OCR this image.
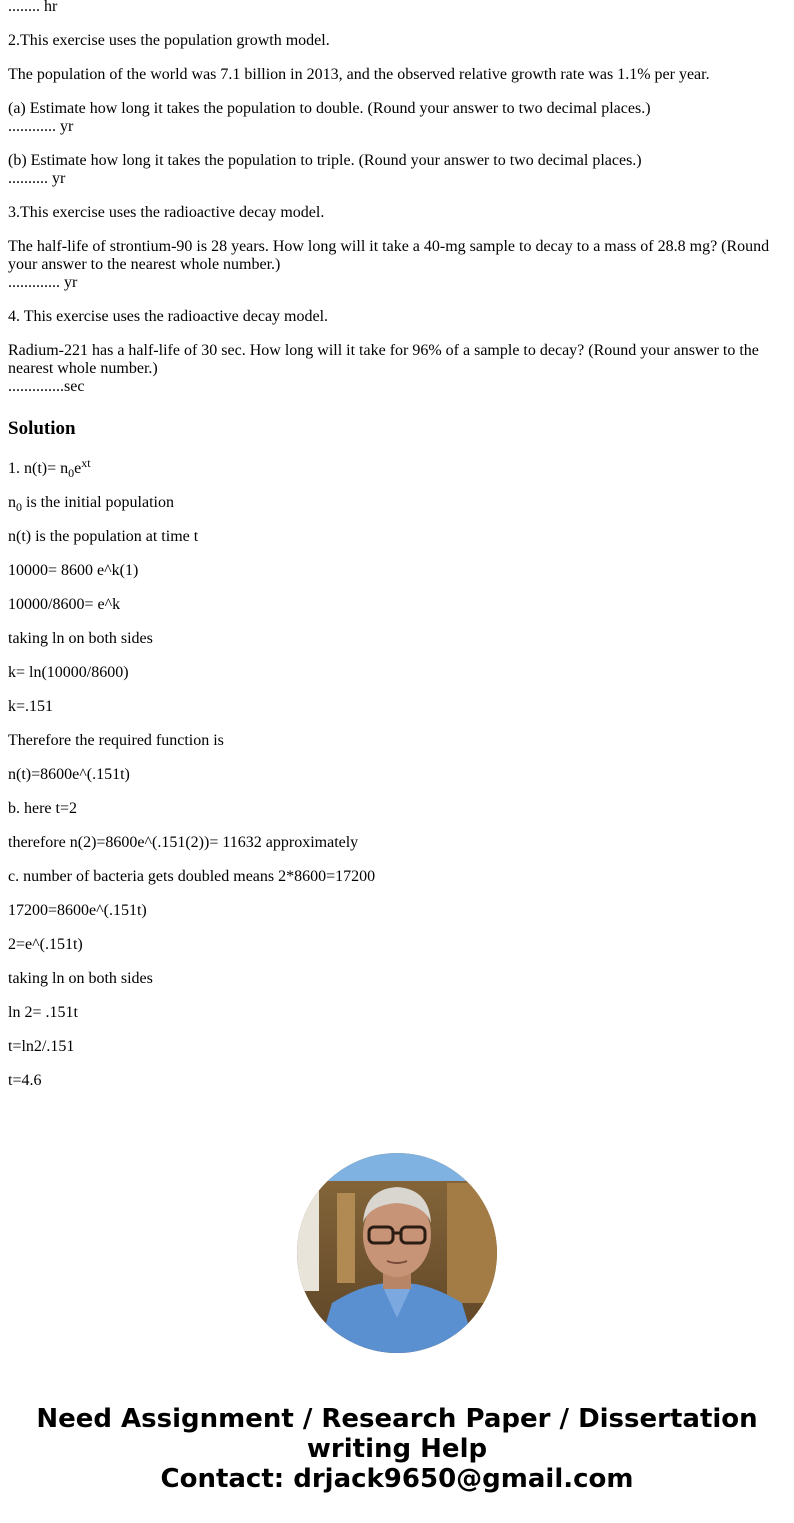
........ hr

2.This exercise uses the population growth model.

The population of the world was 7.1 billion in 2013, and the observed relative growth rate was 1.1% per year.

(a) Estimate how long it takes the population to double. (Round your answer to two decimal places.)

............ yr

(b) Estimate how long it takes the population to triple. (Round your answer to two decimal places.)

.......... yr

3.This exercise uses the radioactive decay model.

The half-life of strontium-90 is 28 years. How long will it take a 40-mg sample to decay to a mass of 28.8 mg? (Round your answer to the nearest whole number.)

............. yr

4. This exercise uses the radioactive decay model.

Radium-221 has a half-life of 30 sec. How long will it take for 96% of a sample to decay? (Round your answer to the nearest whole number.)

..............sec

Solution

1. $n(t)= n_0e^{xt}$

$n_0$ is the initial population

n(t) is the population at time t

10000= 8600 e^k(1)

10000/8600= e^k

taking ln on both sides

k= ln(10000/8600)

k=.151

Therefore the required function is

n(t)=8600e^(.151t)

b. here t=2

therefore n(2)=8600e^(.151(2))= 11632 approximately

c. number of bacteria gets doubled means 2*8600=17200

17200=8600e^(.151t)

2=e^(.151t)

taking ln on both sides

ln 2= .151t

t=ln2/.151

t=4.6

Need Assignment / Research Paper / Dissertation
writing Help
Contact: drjack9650@gmail.com
